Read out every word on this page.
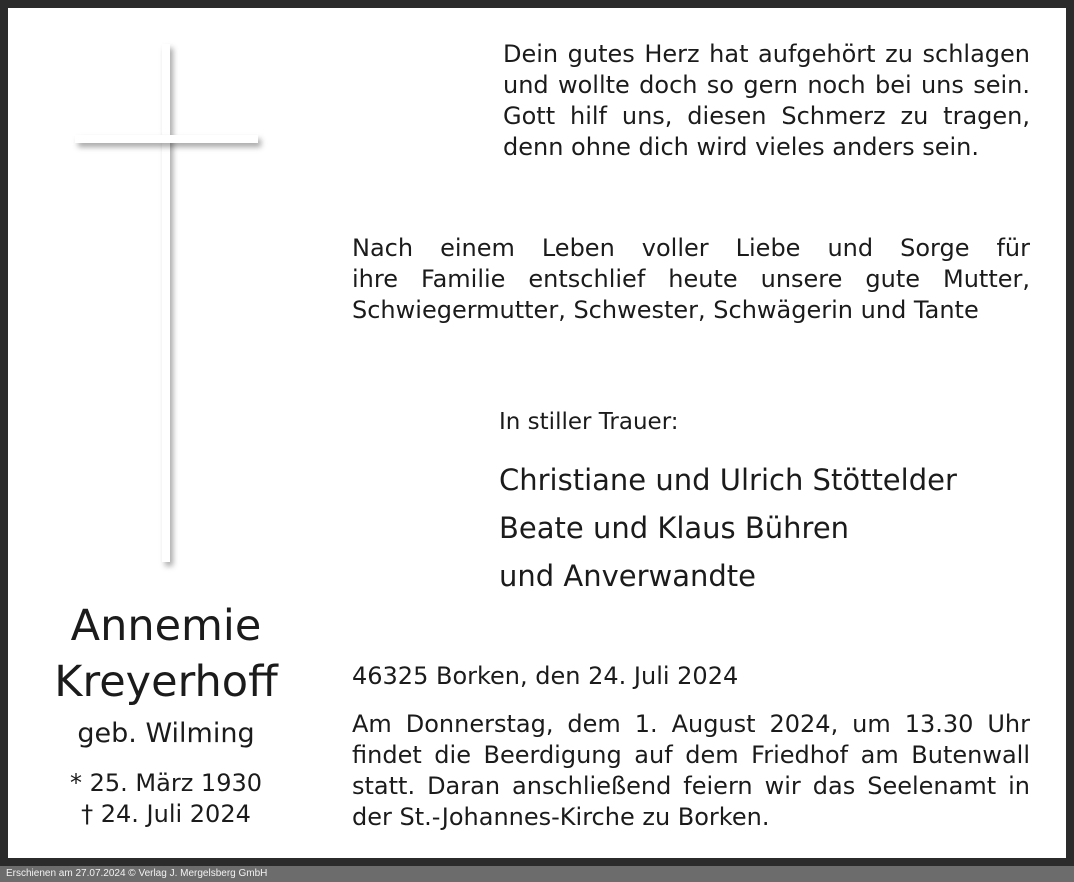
Dein gutes Herz hat aufgehört zu schlagen
und wollte doch so gern noch bei uns sein.
Gott hilf uns, diesen Schmerz zu tragen,
denn ohne dich wird vieles anders sein.
Nach einem Leben voller Liebe und Sorge für
ihre Familie entschlief heute unsere gute Mutter,
Schwiegermutter, Schwester, Schwägerin und Tante
In stiller Trauer:
Christiane und Ulrich Stöttelder
Beate und Klaus Bühren
und Anverwandte
Annemie
Kreyerhoff
geb. Wilming
* 25. März 1930
† 24. Juli 2024
46325 Borken, den 24. Juli 2024
Am Donnerstag, dem 1. August 2024, um 13.30 Uhr
findet die Beerdigung auf dem Friedhof am Butenwall
statt. Daran anschließend feiern wir das Seelenamt in
der St.-Johannes-Kirche zu Borken.
Erschienen am 27.07.2024 © Verlag J. Mergelsberg GmbH
